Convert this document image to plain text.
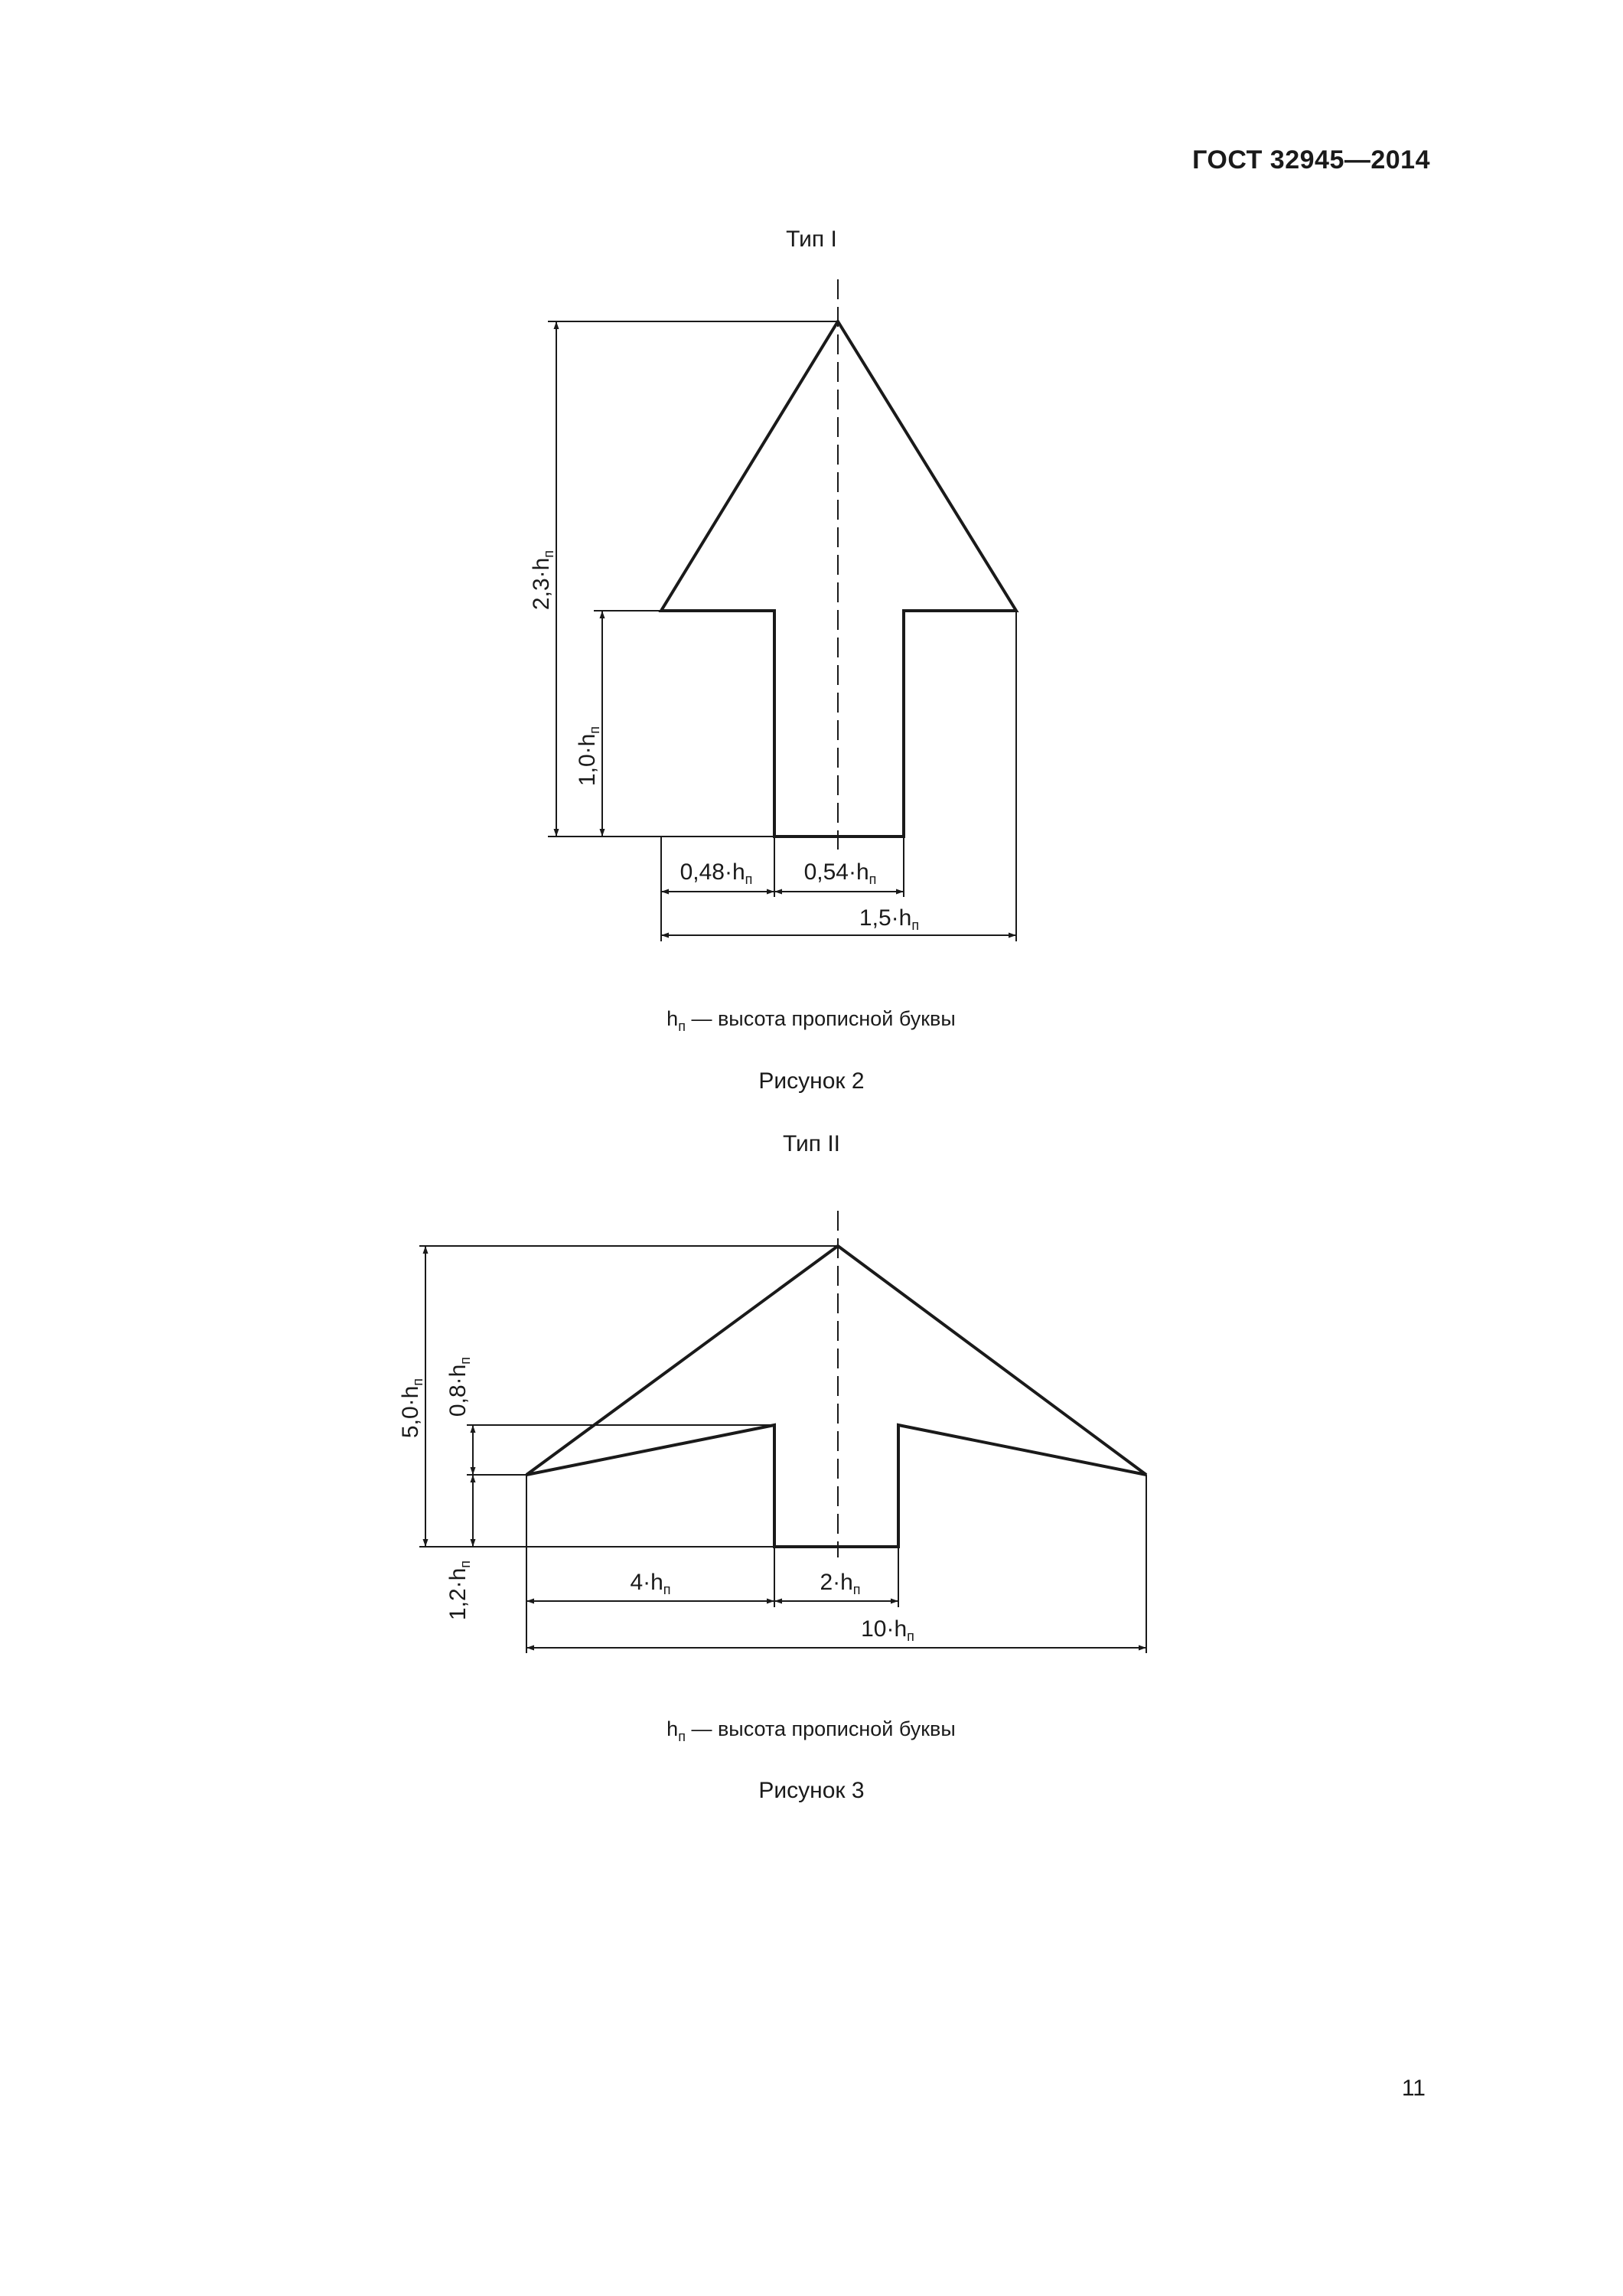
ГОСТ 32945—2014
Тип I
$2,3\cdot h_п$
$1,0\cdot h_п$
$0,48\cdot h_п$ $0,54\cdot h_п$
$1,5\cdot h_п$
$h_п$ — высота прописной буквы
Рисунок 2
Тип II
$5,0\cdot h_п$ $0,8\cdot h_п$
$1,2\cdot h_п$
$4\cdot h_п$	$2\cdot h_п$
$10\cdot h_п$
$h_п$ — высота прописной буквы
Рисунок 3
11
